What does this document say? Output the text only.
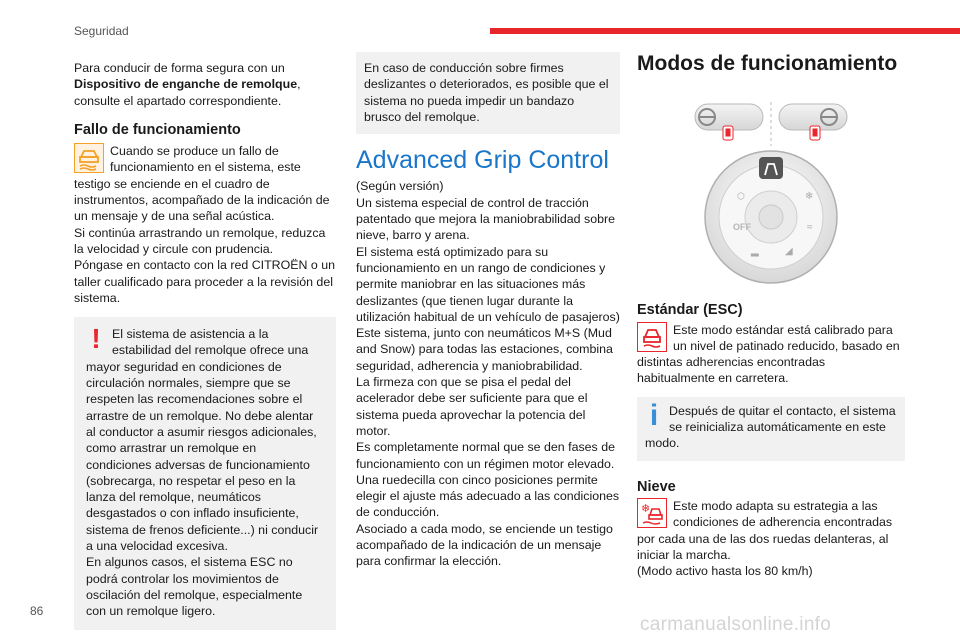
Seguridad

Para conducir de forma segura con un
Dispositivo de enganche de remolque,
consulte el apartado correspondiente.

Fallo de funcionamiento

Cuando se produce un fallo de funcionamiento en el sistema, este testigo se enciende en el cuadro de instrumentos, acompañado de la indicación de un mensaje y de una señal acústica.

Si continúa arrastrando un remolque, reduzca la velocidad y circule con prudencia.

Póngase en contacto con la red CITROËN o un taller cualificado para proceder a la revisión del sistema.

! El sistema de asistencia a la estabilidad del remolque ofrece una mayor seguridad en condiciones de circulación normales, siempre que se respeten las recomendaciones sobre el arrastre de un remolque. No debe alentar al conductor a asumir riesgos adicionales, como arrastrar un remolque en condiciones adversas de funcionamiento (sobrecarga, no respetar el peso en la lanza del remolque, neumáticos desgastados o con inflado insuficiente, sistema de frenos deficiente...) ni conducir a una velocidad excesiva.

En algunos casos, el sistema ESC no podrá controlar los movimientos de oscilación del remolque, especialmente con un remolque ligero.

En caso de conducción sobre firmes deslizantes o deteriorados, es posible que el sistema no pueda impedir un bandazo brusco del remolque.

Advanced Grip Control

(Según versión)

Un sistema especial de control de tracción patentado que mejora la maniobrabilidad sobre nieve, barro y arena.

El sistema está optimizado para su funcionamiento en un rango de condiciones y permite maniobrar en las situaciones más deslizantes (que tienen lugar durante la utilización habitual de un vehículo de pasajeros)

Este sistema, junto con neumáticos M+S (Mud and Snow) para todas las estaciones, combina seguridad, adherencia y maniobrabilidad.

La firmeza con que se pisa el pedal del acelerador debe ser suficiente para que el sistema pueda aprovechar la potencia del motor.

Es completamente normal que se den fases de funcionamiento con un régimen motor elevado.

Una ruedecilla con cinco posiciones permite elegir el ajuste más adecuado a las condiciones de conducción.

Asociado a cada modo, se enciende un testigo acompañado de la indicación de un mensaje para confirmar la elección.

Modos de funcionamiento

⬡	❄
OFF	≈
▂	◢

Estándar (ESC)

Este modo estándar está calibrado para un nivel de patinado reducido, basado en distintas adherencias encontradas habitualmente en carretera.

i Después de quitar el contacto, el sistema se reinicializa automáticamente en este modo.

Nieve

❄	Este modo adapta su estrategia a las condiciones de adherencia encontradas por cada una de las dos ruedas delanteras, al iniciar la marcha.

(Modo activo hasta los 80 km/h)

86
carmanualsonline.info
